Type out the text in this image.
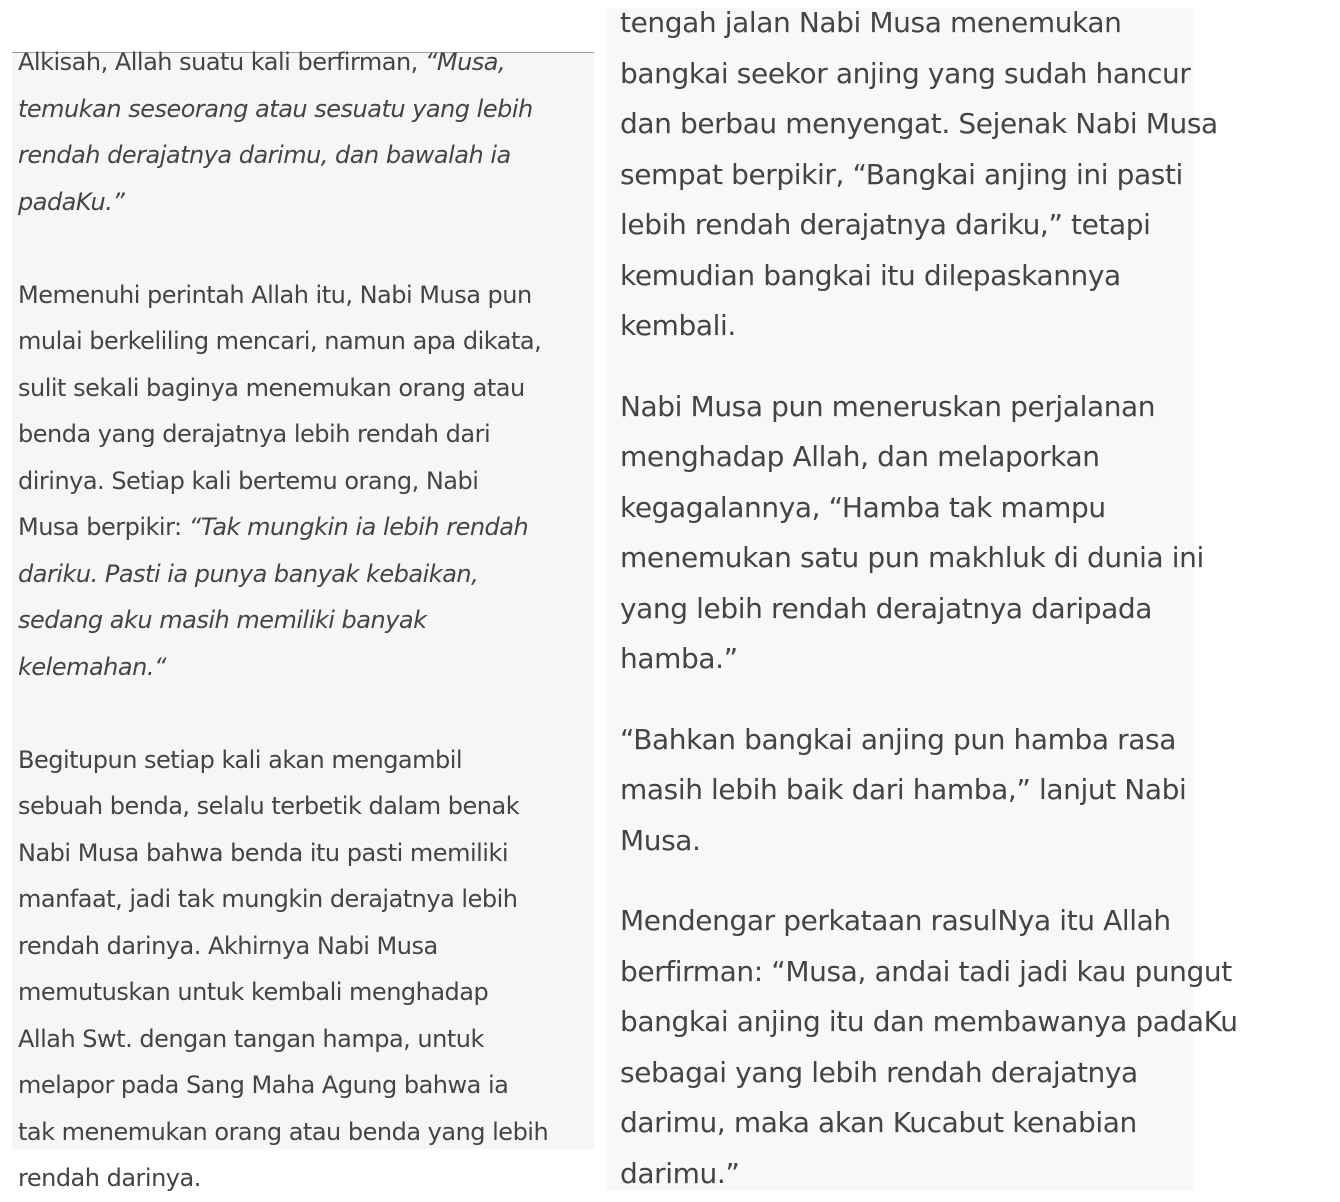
Alkisah, Allah suatu kali berfirman, “Musa,
temukan seseorang atau sesuatu yang lebih
rendah derajatnya darimu, dan bawalah ia
padaKu.”
Memenuhi perintah Allah itu, Nabi Musa pun
mulai berkeliling mencari, namun apa dikata,
sulit sekali baginya menemukan orang atau
benda yang derajatnya lebih rendah dari
dirinya. Setiap kali bertemu orang, Nabi
Musa berpikir: “Tak mungkin ia lebih rendah
dariku. Pasti ia punya banyak kebaikan,
sedang aku masih memiliki banyak
kelemahan.“
Begitupun setiap kali akan mengambil
sebuah benda, selalu terbetik dalam benak
Nabi Musa bahwa benda itu pasti memiliki
manfaat, jadi tak mungkin derajatnya lebih
rendah darinya. Akhirnya Nabi Musa
memutuskan untuk kembali menghadap
Allah Swt. dengan tangan hampa, untuk
melapor pada Sang Maha Agung bahwa ia
tak menemukan orang atau benda yang lebih
rendah darinya.
tengah jalan Nabi Musa menemukan
bangkai seekor anjing yang sudah hancur
dan berbau menyengat. Sejenak Nabi Musa
sempat berpikir, “Bangkai anjing ini pasti
lebih rendah derajatnya dariku,” tetapi
kemudian bangkai itu dilepaskannya
kembali.
Nabi Musa pun meneruskan perjalanan
menghadap Allah, dan melaporkan
kegagalannya, “Hamba tak mampu
menemukan satu pun makhluk di dunia ini
yang lebih rendah derajatnya daripada
hamba.”
“Bahkan bangkai anjing pun hamba rasa
masih lebih baik dari hamba,” lanjut Nabi
Musa.
Mendengar perkataan rasulNya itu Allah
berfirman: “Musa, andai tadi jadi kau pungut
bangkai anjing itu dan membawanya padaKu
sebagai yang lebih rendah derajatnya
darimu, maka akan Kucabut kenabian
darimu.”
